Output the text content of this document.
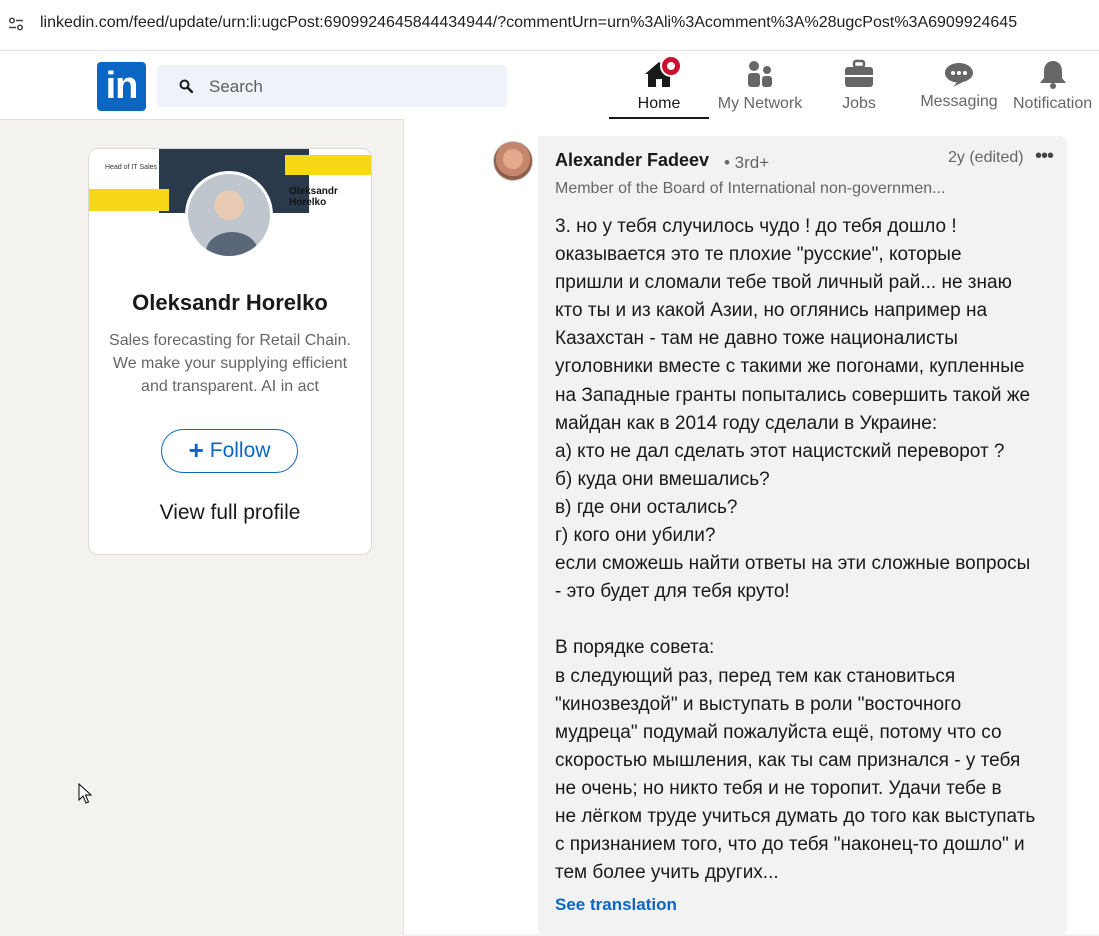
linkedin.com/feed/update/urn:li:ugcPost:6909924645844434944/?commentUrn=urn%3Ali%3Acomment%3A%28ugcPost%3A6909924645
in
Search	Home	My Network	Jobs	Messaging Notification
Head of IT Sales
Oleksandr Horelko
Oleksandr Horelko
Sales forecasting for Retail Chain. We make your supplying efficient and transparent. AI in act
+ Follow
View full profile
Alexander Fadeev • 3rd+	2y (edited) •••
Member of the Board of International non-governmen...

3. но у тебя случилось чудо ! до тебя дошло !

оказывается это те плохие "русские", которые

пришли и сломали тебе твой личный рай... не знаю

кто ты и из какой Азии, но оглянись например на

Казахстан - там не давно тоже националисты

уголовники вместе с такими же погонами, купленные

на Западные гранты попытались совершить такой же

майдан как в 2014 году сделали в Украине:

а) кто не дал сделать этот нацистский переворот ?

б) куда они вмешались?

в) где они остались?

г) кого они убили?

если сможешь найти ответы на эти сложные вопросы

- это будет для тебя круто!

В порядке совета:

в следующий раз, перед тем как становиться

"кинозвездой" и выступать в роли "восточного

мудреца" подумай пожалуйста ещё, потому что со

скоростью мышления, как ты сам признался - у тебя

не очень; но никто тебя и не торопит. Удачи тебе в

не лёгком труде учиться думать до того как выступать

с признанием того, что до тебя "наконец-то дошло" и

тем более учить других...

See translation
